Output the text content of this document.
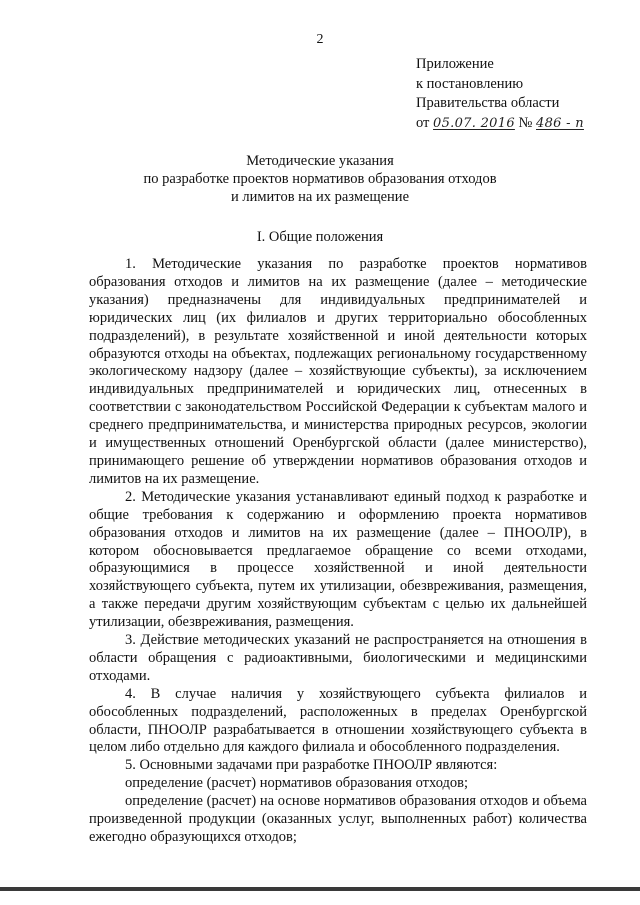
2
Приложение
к постановлению
Правительства области
от 05.07. 2016 № 486 - п
Методические указания
по разработке проектов нормативов образования отходов
и лимитов на их размещение
I. Общие положения

1. Методические указания по разработке проектов нормативов образования отходов и лимитов на их размещение (далее – методические указания) предназначены для индивидуальных предпринимателей и юридических лиц (их филиалов и других территориально обособленных подразделений), в результате хозяйственной и иной деятельности которых образуются отходы на объектах, подлежащих региональному государственному экологическому надзору (далее – хозяйствующие субъекты), за исключением индивидуальных предпринимателей и юридических лиц, отнесенных в соответствии с законодательством Российской Федерации к субъектам малого и среднего предпринимательства, и министерства природных ресурсов, экологии и имущественных отношений Оренбургской области (далее министерство), принимающего решение об утверждении нормативов образования отходов и лимитов на их размещение.

2. Методические указания устанавливают единый подход к разработке и общие требования к содержанию и оформлению проекта нормативов образования отходов и лимитов на их размещение (далее – ПНООЛР), в котором обосновывается предлагаемое обращение со всеми отходами, образующимися в процессе хозяйственной и иной деятельности хозяйствующего субъекта, путем их утилизации, обезвреживания, размещения, а также передачи другим хозяйствующим субъектам с целью их дальнейшей утилизации, обезвреживания, размещения.

3. Действие методических указаний не распространяется на отношения в области обращения с радиоактивными, биологическими и медицинскими отходами.

4. В случае наличия у хозяйствующего субъекта филиалов и обособленных подразделений, расположенных в пределах Оренбургской области, ПНООЛР разрабатывается в отношении хозяйствующего субъекта в целом либо отдельно для каждого филиала и обособленного подразделения.

5. Основными задачами при разработке ПНООЛР являются:

определение (расчет) нормативов образования отходов;

определение (расчет) на основе нормативов образования отходов и объема произведенной продукции (оказанных услуг, выполненных работ) количества ежегодно образующихся отходов;
